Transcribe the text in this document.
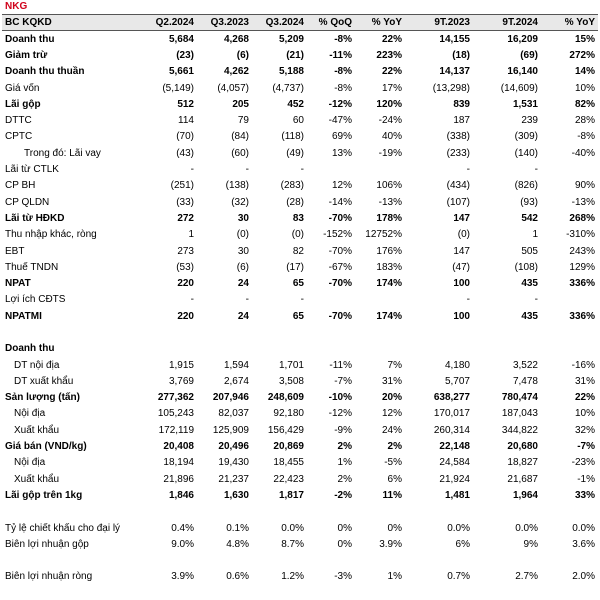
NKG
BC KQKD	Q2.2024	Q3.2023	Q3.2024	% QoQ	% YoY	9T.2023	9T.2024	% YoY
Doanh thu	5,684	4,268	5,209	-8%	22%	14,155	16,209	15%
Giảm trừ	(23)	(6)	(21)	-11%	223%	(18)	(69)	272%
Doanh thu thuần	5,661	4,262	5,188	-8%	22%	14,137	16,140	14%
Giá vốn	(5,149)	(4,057)	(4,737)	-8%	17%	(13,298)	(14,609)	10%
Lãi gộp	512	205	452	-12%	120%	839	1,531	82%
DTTC	114	79	60	-47%	-24%	187	239	28%
CPTC	(70)	(84)	(118)	69%	40%	(338)	(309)	-8%
Trong đó: Lãi vay	(43)	(60)	(49)	13%	-19%	(233)	(140)	-40%
Lãi từ CTLK	-	-	-			-	-	
CP BH	(251)	(138)	(283)	12%	106%	(434)	(826)	90%
CP QLDN	(33)	(32)	(28)	-14%	-13%	(107)	(93)	-13%
Lãi từ HĐKD	272	30	83	-70%	178%	147	542	268%
Thu nhập khác, ròng	1	(0)	(0)	-152%	12752%	(0)	1	-310%
EBT	273	30	82	-70%	176%	147	505	243%
Thuế TNDN	(53)	(6)	(17)	-67%	183%	(47)	(108)	129%
NPAT	220	24	65	-70%	174%	100	435	336%
Lợi ích CĐTS	-	-	-			-	-	
NPATMI	220	24	65	-70%	174%	100	435	336%

Doanh thu								
DT nội địa	1,915	1,594	1,701	-11%	7%	4,180	3,522	-16%
DT xuất khẩu	3,769	2,674	3,508	-7%	31%	5,707	7,478	31%
Sản lượng (tấn)	277,362	207,946	248,609	-10%	20%	638,277	780,474	22%
Nội địa	105,243	82,037	92,180	-12%	12%	170,017	187,043	10%
Xuất khẩu	172,119	125,909	156,429	-9%	24%	260,314	344,822	32%
Giá bán (VND/kg)	20,408	20,496	20,869	2%	2%	22,148	20,680	-7%
Nội địa	18,194	19,430	18,455	1%	-5%	24,584	18,827	-23%
Xuất khẩu	21,896	21,237	22,423	2%	6%	21,924	21,687	-1%
Lãi gộp trên 1kg	1,846	1,630	1,817	-2%	11%	1,481	1,964	33%

Tỷ lệ chiết khấu cho đại lý	0.4%	0.1%	0.0%	0%	0%	0.0%	0.0%	0.0%
Biên lợi nhuận gộp	9.0%	4.8%	8.7%	0%	3.9%	6%	9%	3.6%

Biên lợi nhuận ròng	3.9%	0.6%	1.2%	-3%	1%	0.7%	2.7%	2.0%
